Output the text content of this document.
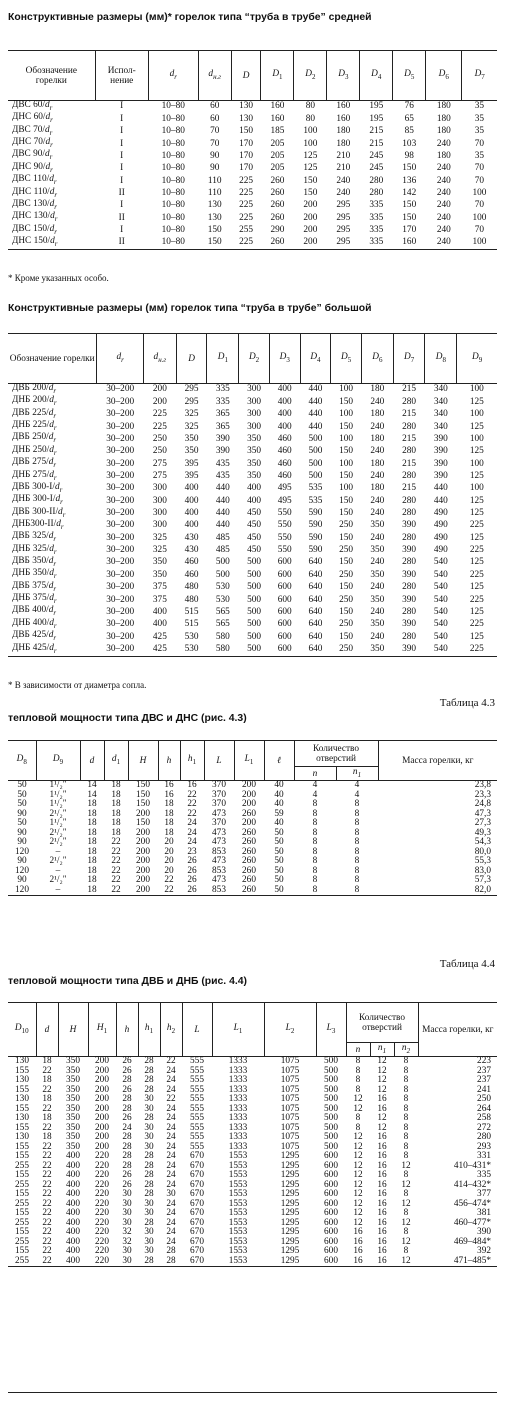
Конструктивные размеры (мм)* горелок типа “труба в трубе” средней
Обозначение горелки	Испол-нение	$d_r$	$d_{н.г}$	D	$D_1$	$D_2$	$D_3$	$D_4$	$D_5$	$D_6$	$D_7$
ДВС $60/d_r$	I	10–80	60	130	160	80	160	195	76	180	35
ДНС $60/d_r$	I	10–80	60	130	160	80	160	195	65	180	35
ДВС $70/d_r$	I	10–80	70	150	185	100	180	215	85	180	35
ДНС $70/d_r$	I	10–80	70	170	205	100	180	215	103	240	70
ДВС $90/d_r$	I	10–80	90	170	205	125	210	245	98	180	35
ДНС $90/d_r$	I	10–80	90	170	205	125	210	245	150	240	70
ДВС $110/d_r$	I	10–80	110	225	260	150	240	280	136	240	70
ДНС $110/d_r$	II	10–80	110	225	260	150	240	280	142	240	100
ДВС $130/d_r$	I	10–80	130	225	260	200	295	335	150	240	70
ДНС $130/d_r$	II	10–80	130	225	260	200	295	335	150	240	100
ДВС $150/d_r$	I	10–80	150	255	290	200	295	335	170	240	70
ДНС $150/d_r$	II	10–80	150	225	260	200	295	335	160	240	100
* Кроме указанных особо.
Конструктивные размеры (мм) горелок типа “труба в трубе” большой
Обозначение горелки	$d_r$	$d_{н.г}$	D	$D_1$	$D_2$	$D_3$	$D_4$	$D_5$	$D_6$	$D_7$	$D_8$	$D_9$
ДВБ $200/d_r$	30–200	200	295	335	300	400	440	100	180	215	340	100
ДНБ $200/d_r$	30–200	200	295	335	300	400	440	150	240	280	340	125
ДВБ $225/d_r$	30–200	225	325	365	300	400	440	100	180	215	340	100
ДНБ $225/d_r$	30–200	225	325	365	300	400	440	150	240	280	340	125
ДВБ $250/d_r$	30–200	250	350	390	350	460	500	100	180	215	390	100
ДНБ $250/d_r$	30–200	250	350	390	350	460	500	150	240	280	390	125
ДВБ $275/d_r$	30–200	275	395	435	350	460	500	100	180	215	390	100
ДНБ $275/d_r$	30–200	275	395	435	350	460	500	150	240	280	390	125
ДВБ $300-I/d_r$	30–200	300	400	440	400	495	535	100	180	215	440	100
ДНБ $300-I/d_r$	30–200	300	400	440	400	495	535	150	240	280	440	125
ДВБ $300-II/d_r$	30–200	300	400	440	450	550	590	150	240	280	490	125
$ДНБ300-II/d_r$	30–200	300	400	440	450	550	590	250	350	390	490	225
ДВБ $325/d_r$	30–200	325	430	485	450	550	590	150	240	280	490	125
ДНБ $325/d_r$	30–200	325	430	485	450	550	590	250	350	390	490	225
ДВБ $350/d_r$	30–200	350	460	500	500	600	640	150	240	280	540	125
ДНБ $350/d_r$	30–200	350	460	500	500	600	640	250	350	390	540	225
ДВБ $375/d_r$	30–200	375	480	530	500	600	640	150	240	280	540	125
ДНБ $375/d_r$	30–200	375	480	530	500	600	640	250	350	390	540	225
ДВБ $400/d_r$	30–200	400	515	565	500	600	640	150	240	280	540	125
ДНБ $400/d_r$	30–200	400	515	565	500	600	640	250	350	390	540	225
ДВБ $425/d_r$	30–200	425	530	580	500	600	640	150	240	280	540	125
ДНБ $425/d_r$	30–200	425	530	580	500	600	640	250	350	390	540	225
* В зависимости от диаметра сопла.
Таблица 4.3
тепловой мощности типа ДВС и ДНС (рис. 4.3)
$D_8$	$D_9$	d	$d_1$	H	h	$h_1$	L	$L_1$	ℓ	Количество отверстий		Масса горелки, кг
										n	$n_1$
50	1¹/₂"	14	18	150	16	16	370	200	40	4	4	23,8
50	1¹/₂"	14	18	150	16	22	370	200	40	4	4	23,3
50	1¹/₂"	18	18	150	18	22	370	200	40	8	8	24,8
90	2¹/₂"	18	18	200	18	22	473	260	59	8	8	47,3
50	1¹/₂"	18	18	150	18	24	370	200	40	8	8	27,3
90	2¹/₂"	18	18	200	18	24	473	260	50	8	8	49,3
90	2¹/₂"	18	22	200	20	24	473	260	50	8	8	54,3
120	–	18	22	200	20	23	853	260	50	8	8	80,0
90	2¹/₂"	18	22	200	20	26	473	260	50	8	8	55,3
120	–	18	22	200	20	26	853	260	50	8	8	83,0
90	2¹/₂"	18	22	200	22	26	473	260	50	8	8	57,3
120	–	18	22	200	22	26	853	260	50	8	8	82,0
Таблица 4.4
тепловой мощности типа ДВБ и ДНБ (рис. 4.4)
$D_{10}$	d	H	$H_1$	h	$h_1$	$h_2$	L	$L_1$	$L_2$	$L_3$	Количество отверстий			Масса горелки, кг
											n	$n_1$	$n_2$
130	18	350	200	26	28	22	555	1333	1075	500	8	12	8	223
155	22	350	200	26	28	24	555	1333	1075	500	8	12	8	237
130	18	350	200	28	28	24	555	1333	1075	500	8	12	8	237
155	22	350	200	26	28	24	555	1333	1075	500	8	12	8	241
130	18	350	200	28	30	22	555	1333	1075	500	12	16	8	250
155	22	350	200	28	30	24	555	1333	1075	500	12	16	8	264
130	18	350	200	26	28	24	555	1333	1075	500	8	12	8	258
155	22	350	200	24	30	24	555	1333	1075	500	8	12	8	272
130	18	350	200	28	30	24	555	1333	1075	500	12	16	8	280
155	22	350	200	28	30	24	555	1333	1075	500	12	16	8	293
155	22	400	220	28	28	24	670	1553	1295	600	12	16	8	331
255	22	400	220	28	28	24	670	1553	1295	600	12	16	12	410–431*
155	22	400	220	26	28	24	670	1553	1295	600	12	16	8	335
255	22	400	220	26	28	24	670	1553	1295	600	12	16	12	414–432*
155	22	400	220	30	28	30	670	1553	1295	600	12	16	8	377
255	22	400	220	30	30	24	670	1553	1295	600	12	16	12	456–474*
155	22	400	220	30	30	24	670	1553	1295	600	12	16	8	381
255	22	400	220	30	28	24	670	1553	1295	600	12	16	12	460–477*
155	22	400	220	32	30	24	670	1553	1295	600	16	16	8	390
255	22	400	220	32	30	24	670	1553	1295	600	16	16	12	469–484*
155	22	400	220	30	30	28	670	1553	1295	600	16	16	8	392
255	22	400	220	30	28	28	670	1553	1295	600	16	16	12	471–485*
